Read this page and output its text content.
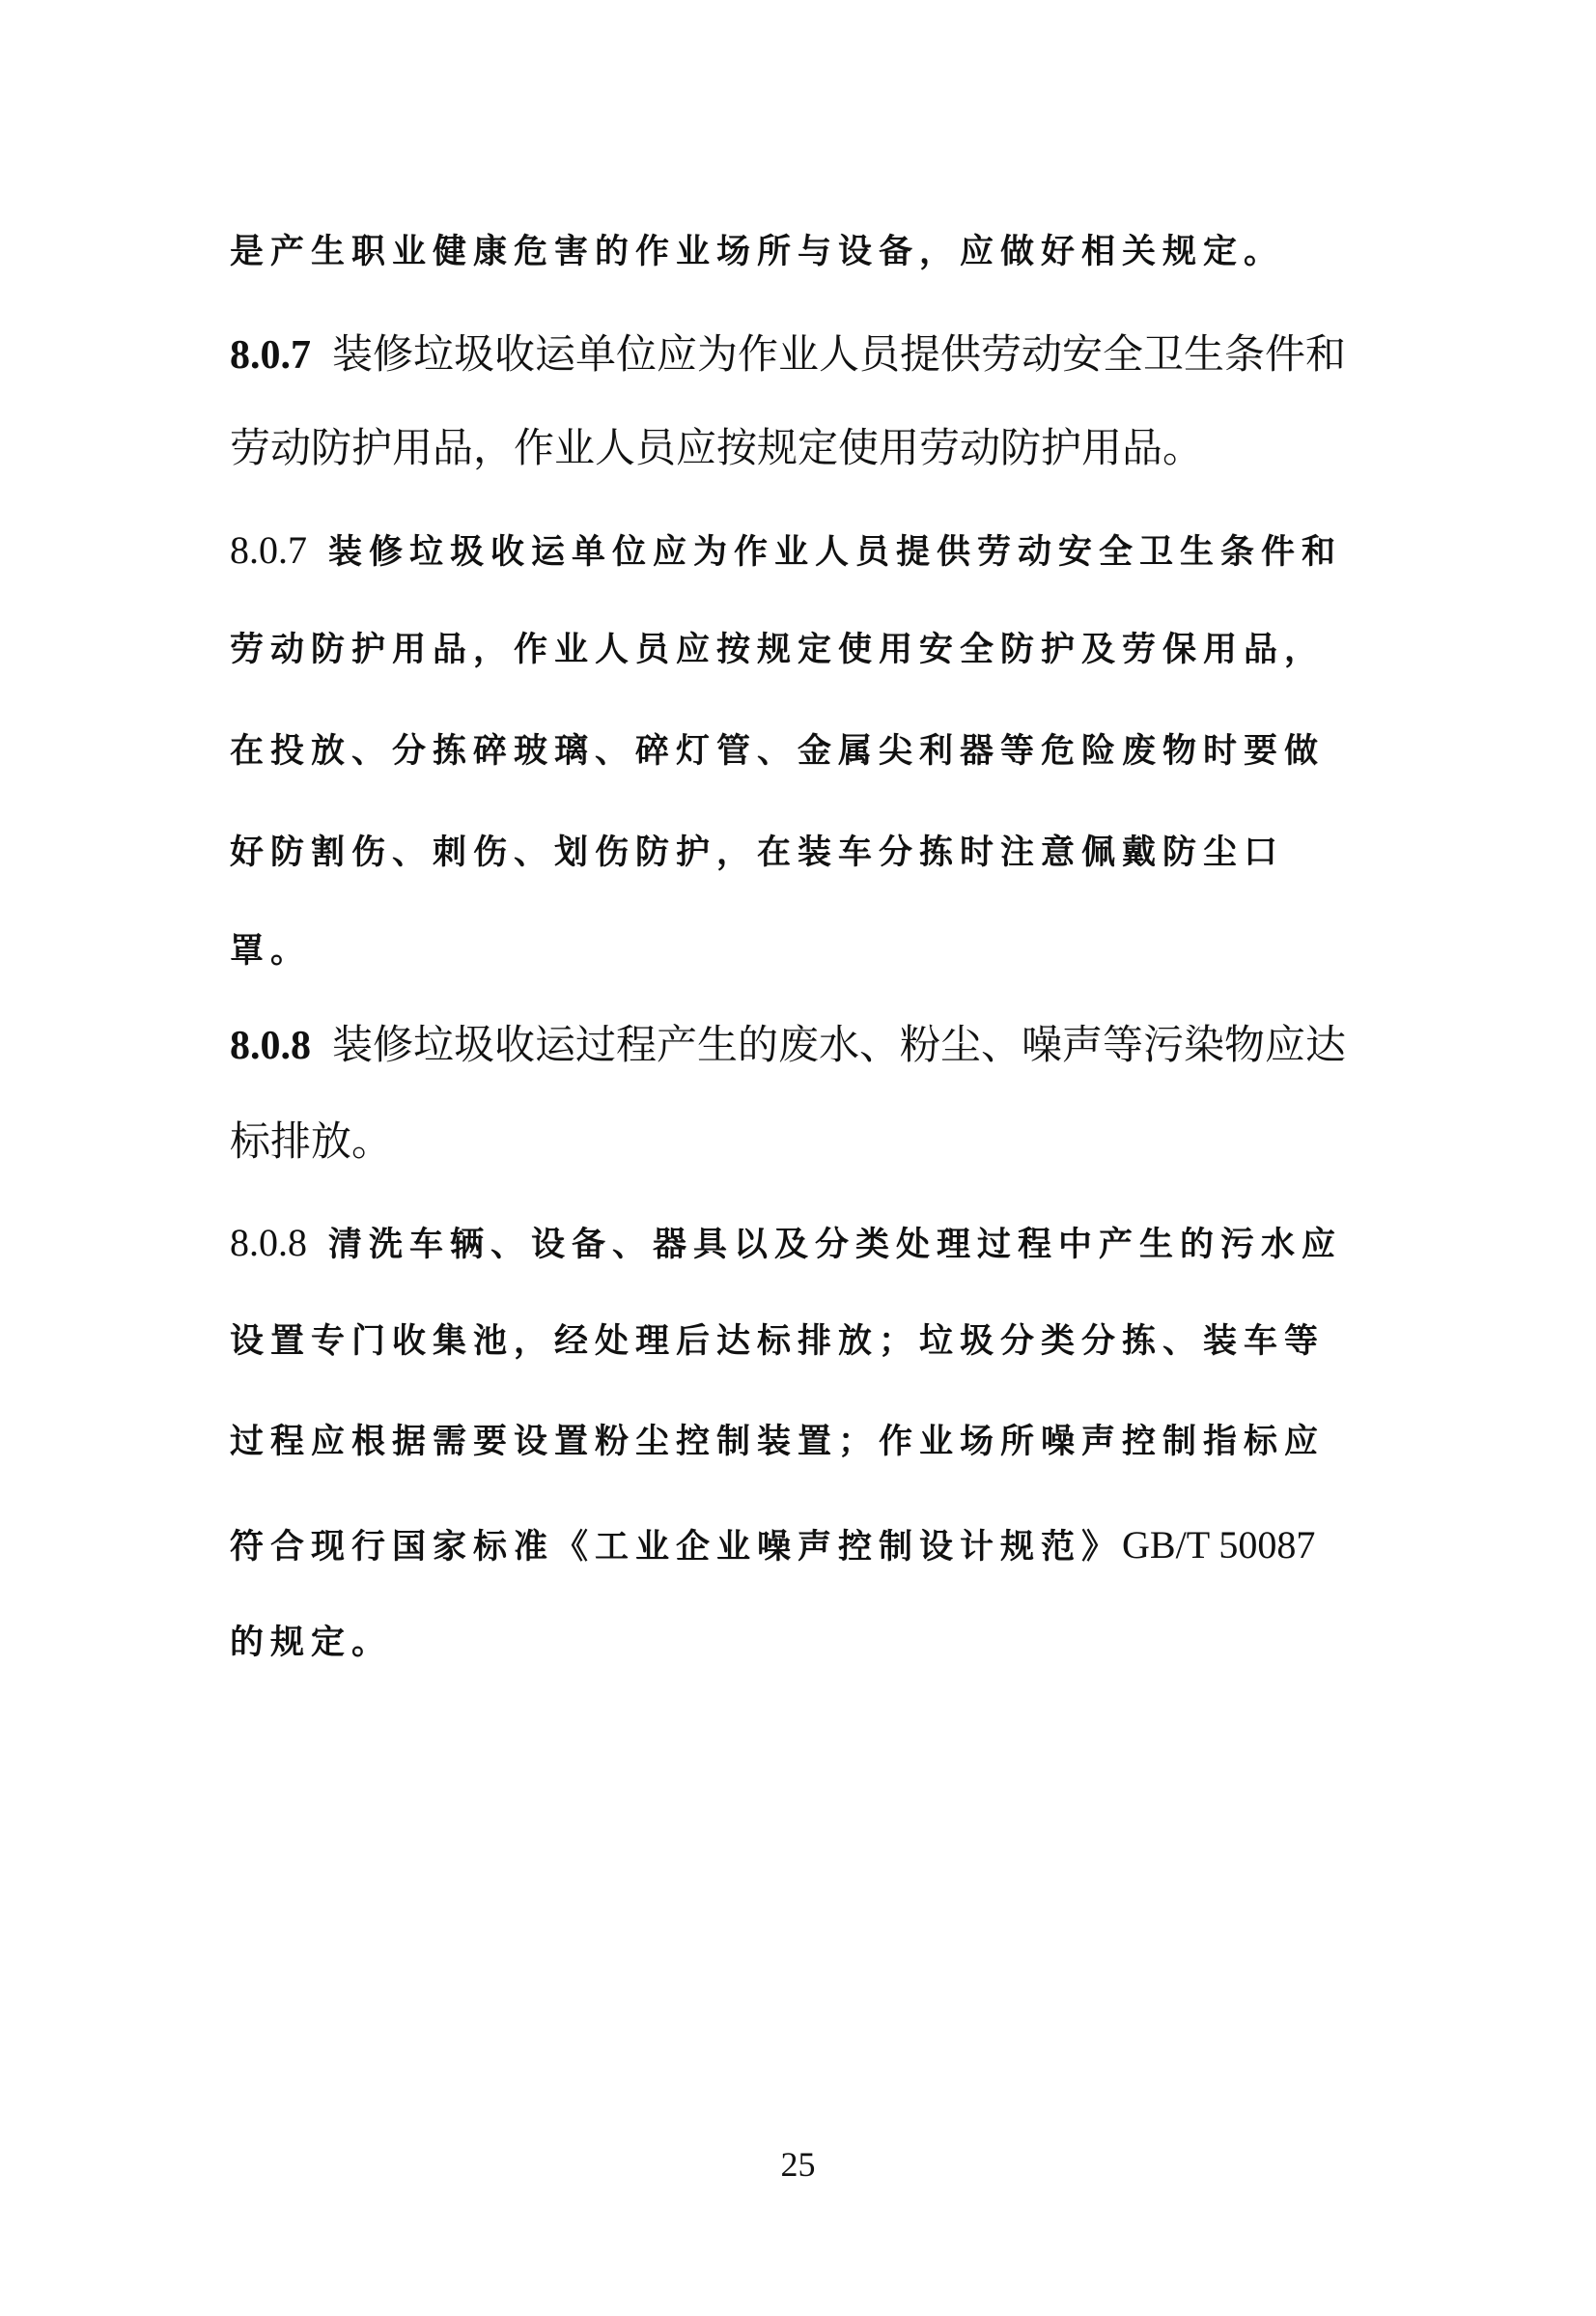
是产生职业健康危害的作业场所与设备，应做好相关规定。
8.0.7 装修垃圾收运单位应为作业人员提供劳动安全卫生条件和
劳动防护用品，作业人员应按规定使用劳动防护用品。
8.0.7 装修垃圾收运单位应为作业人员提供劳动安全卫生条件和
劳动防护用品，作业人员应按规定使用安全防护及劳保用品，
在投放、分拣碎玻璃、碎灯管、金属尖利器等危险废物时要做
好防割伤、刺伤、划伤防护，在装车分拣时注意佩戴防尘口
罩。
8.0.8 装修垃圾收运过程产生的废水、粉尘、噪声等污染物应达
标排放。
8.0.8 清洗车辆、设备、器具以及分类处理过程中产生的污水应
设置专门收集池，经处理后达标排放；垃圾分类分拣、装车等
过程应根据需要设置粉尘控制装置；作业场所噪声控制指标应
符合现行国家标准《工业企业噪声控制设计规范》GB/T 50087
的规定。
25
